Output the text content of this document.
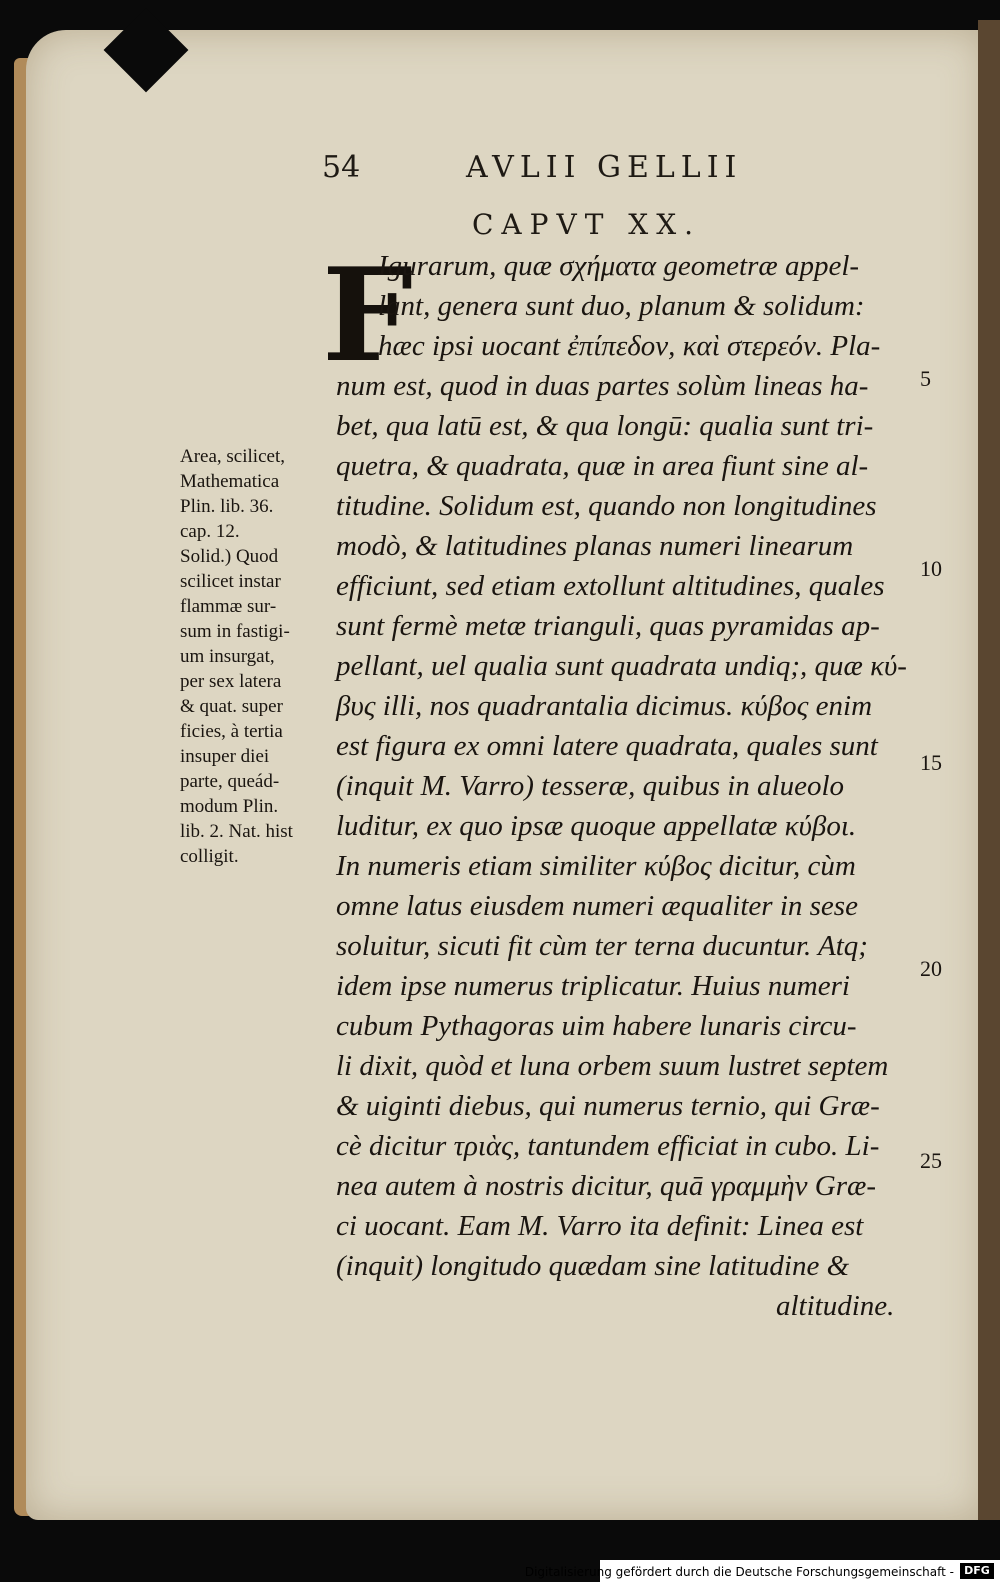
54	AVLII GELLII
CAPVT XX.
F
Igurarum, quæ σχήματα geometræ appel-
lant, genera sunt duo, planum & solidum:
hæc ipsi uocant ἐπίπεδον, καὶ στερεόν. Pla-
num est, quod in duas partes solùm lineas ha-
bet, qua latū est, & qua longū: qualia sunt tri-
quetra, & quadrata, quæ in area fiunt sine al-
titudine. Solidum est, quando non longitudines
modò, & latitudines planas numeri linearum
efficiunt, sed etiam extollunt altitudines, quales
sunt fermè metæ trianguli, quas pyramidas ap-
pellant, uel qualia sunt quadrata undiq;, quæ κύ-
βυς illi, nos quadrantalia dicimus. κύβος enim
est figura ex omni latere quadrata, quales sunt
(inquit M. Varro) tesseræ, quibus in alueolo
luditur, ex quo ipsæ quoque appellatæ κύβοι.
In numeris etiam similiter κύβος dicitur, cùm
omne latus eiusdem numeri æqualiter in sese
soluitur, sicuti fit cùm ter terna ducuntur. Atq;
idem ipse numerus triplicatur. Huius numeri
cubum Pythagoras uim habere lunaris circu-
li dixit, quòd et luna orbem suum lustret septem
& uiginti diebus, qui numerus ternio, qui Græ-
cè dicitur τριὰς, tantundem efficiat in cubo. Li-
nea autem à nostris dicitur, quā γραμμὴν Græ-
ci uocant. Eam M. Varro ita definit: Linea est
(inquit) longitudo quædam sine latitudine &
altitudine.
Area, scilicet,
Mathematica
Plin. lib. 36.
cap. 12.
Solid.) Quod
scilicet instar
flammæ sur-
sum in fastigi-
um insurgat,
per sex latera
& quat. super
ficies, à tertia
insuper diei
parte, queád-
modum Plin.
lib. 2. Nat. hist
colligit.
5
10
15
20
25
Digitalisierung gefördert durch die Deutsche Forschungsgemeinschaft - DFG
